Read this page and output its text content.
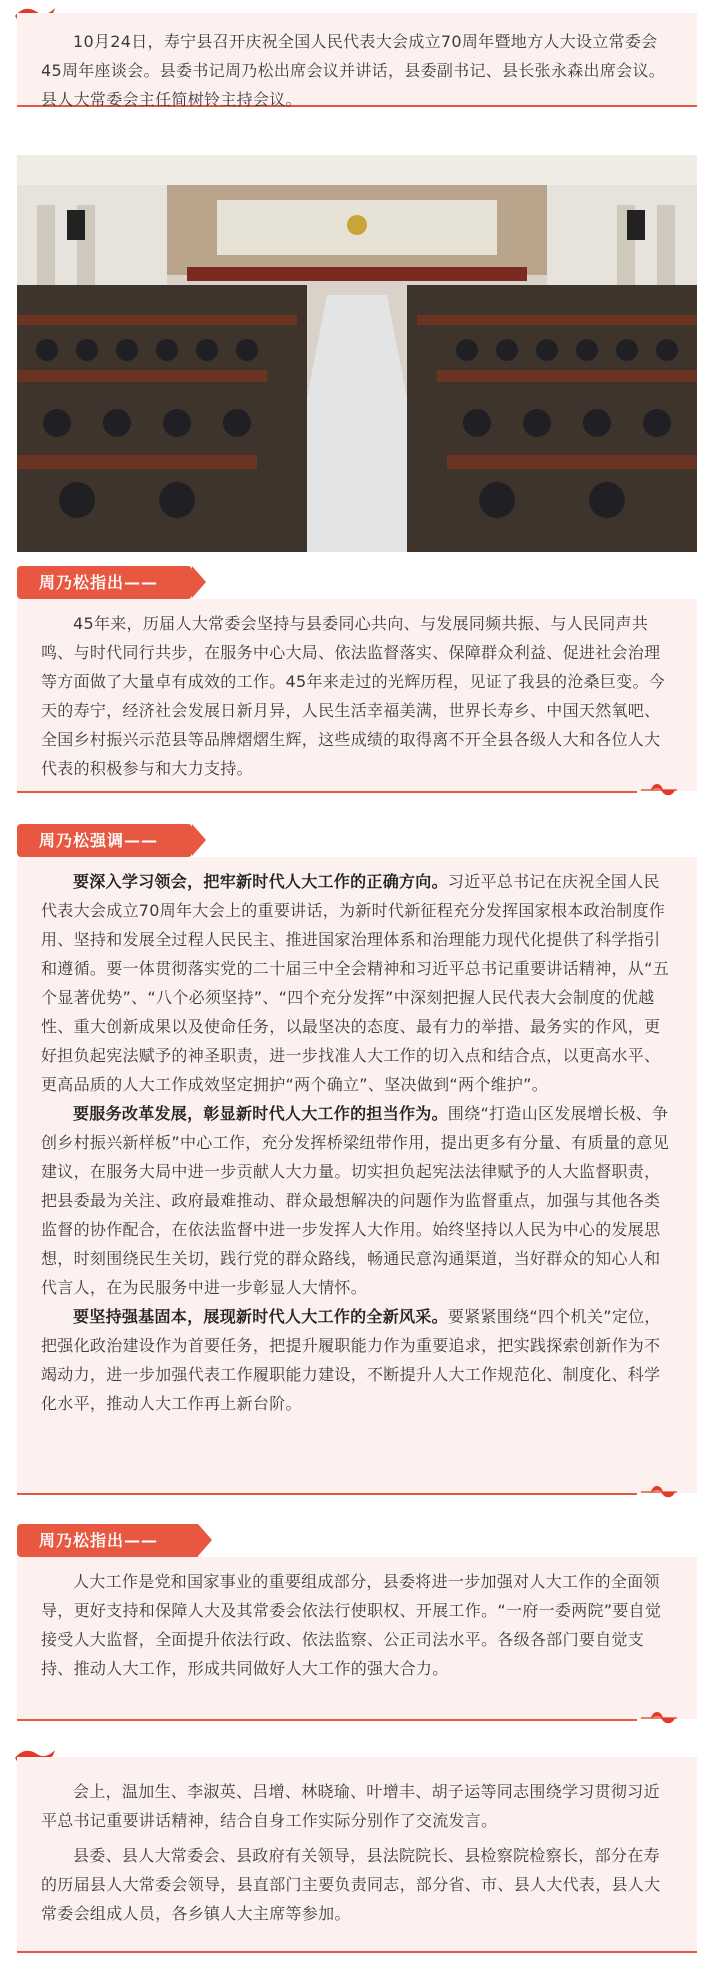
10月24日，寿宁县召开庆祝全国人民代表大会成立70周年暨地方人大设立常委会45周年座谈会。县委书记周乃松出席会议并讲话，县委副书记、县长张永森出席会议。县人大常委会主任简树铃主持会议。

周乃松指出——

45年来，历届人大常委会坚持与县委同心共向、与发展同频共振、与人民同声共鸣、与时代同行共步，在服务中心大局、依法监督落实、保障群众利益、促进社会治理等方面做了大量卓有成效的工作。45年来走过的光辉历程，见证了我县的沧桑巨变。今天的寿宁，经济社会发展日新月异，人民生活幸福美满，世界长寿乡、中国天然氧吧、全国乡村振兴示范县等品牌熠熠生辉，这些成绩的取得离不开全县各级人大和各位人大代表的积极参与和大力支持。

周乃松强调——

要深入学习领会，把牢新时代人大工作的正确方向。习近平总书记在庆祝全国人民代表大会成立70周年大会上的重要讲话，为新时代新征程充分发挥国家根本政治制度作用、坚持和发展全过程人民民主、推进国家治理体系和治理能力现代化提供了科学指引和遵循。要一体贯彻落实党的二十届三中全会精神和习近平总书记重要讲话精神，从“五个显著优势”、“八个必须坚持”、“四个充分发挥”中深刻把握人民代表大会制度的优越性、重大创新成果以及使命任务，以最坚决的态度、最有力的举措、最务实的作风，更好担负起宪法赋予的神圣职责，进一步找准人大工作的切入点和结合点，以更高水平、更高品质的人大工作成效坚定拥护“两个确立”、坚决做到“两个维护”。

要服务改革发展，彰显新时代人大工作的担当作为。围绕“打造山区发展增长极、争创乡村振兴新样板”中心工作，充分发挥桥梁纽带作用，提出更多有分量、有质量的意见建议，在服务大局中进一步贡献人大力量。切实担负起宪法法律赋予的人大监督职责，把县委最为关注、政府最难推动、群众最想解决的问题作为监督重点，加强与其他各类监督的协作配合，在依法监督中进一步发挥人大作用。始终坚持以人民为中心的发展思想，时刻围绕民生关切，践行党的群众路线，畅通民意沟通渠道，当好群众的知心人和代言人，在为民服务中进一步彰显人大情怀。

要坚持强基固本，展现新时代人大工作的全新风采。要紧紧围绕“四个机关”定位，把强化政治建设作为首要任务，把提升履职能力作为重要追求，把实践探索创新作为不竭动力，进一步加强代表工作履职能力建设，不断提升人大工作规范化、制度化、科学化水平，推动人大工作再上新台阶。

周乃松指出——

人大工作是党和国家事业的重要组成部分，县委将进一步加强对人大工作的全面领导，更好支持和保障人大及其常委会依法行使职权、开展工作。“一府一委两院”要自觉接受人大监督，全面提升依法行政、依法监察、公正司法水平。各级各部门要自觉支持、推动人大工作，形成共同做好人大工作的强大合力。

会上，温加生、李淑英、吕增、林晓瑜、叶增丰、胡子运等同志围绕学习贯彻习近平总书记重要讲话精神，结合自身工作实际分别作了交流发言。

县委、县人大常委会、县政府有关领导，县法院院长、县检察院检察长，部分在寿的历届县人大常委会领导，县直部门主要负责同志，部分省、市、县人大代表，县人大常委会组成人员，各乡镇人大主席等参加。
